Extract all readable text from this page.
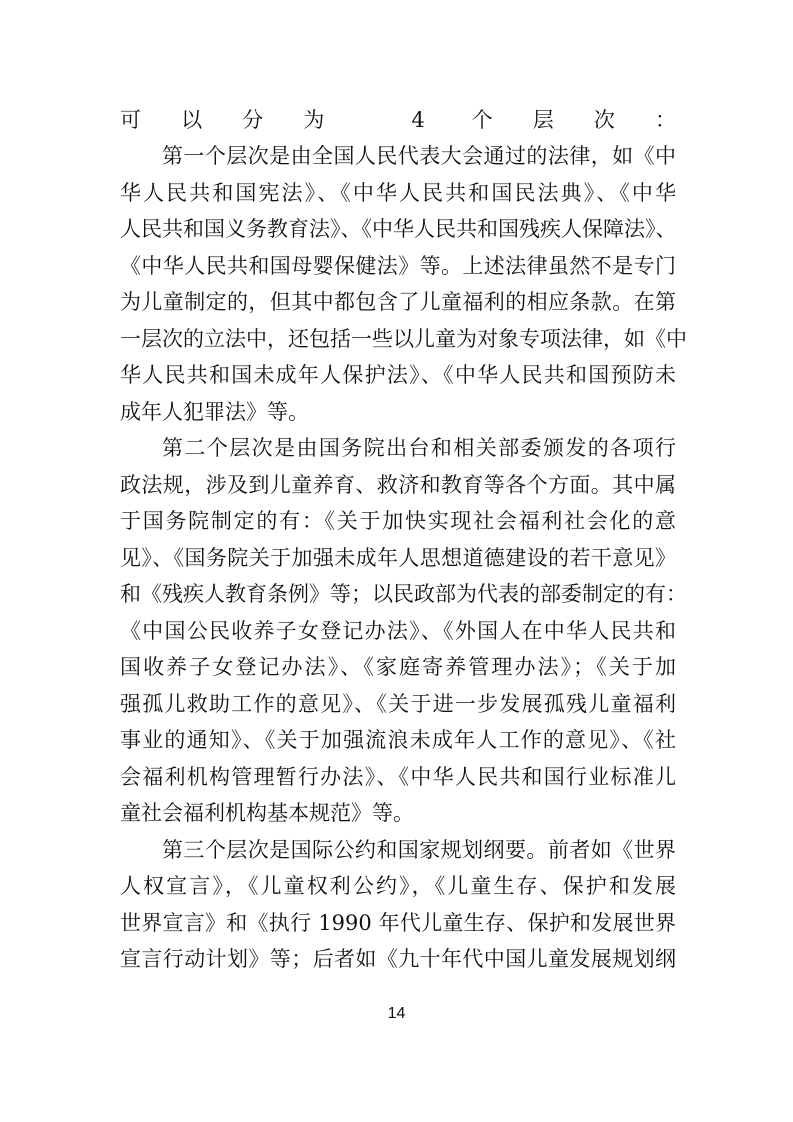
可以分为 4 个层次：
第一个层次是由全国人民代表大会通过的法律，如《中
华人民共和国宪法》、《中华人民共和国民法典》、《中华
人民共和国义务教育法》、《中华人民共和国残疾人保障法》、
《中华人民共和国母婴保健法》等。上述法律虽然不是专门
为儿童制定的，但其中都包含了儿童福利的相应条款。在第
一层次的立法中，还包括一些以儿童为对象专项法律，如《中
华人民共和国未成年人保护法》、《中华人民共和国预防未
成年人犯罪法》等。
第二个层次是由国务院出台和相关部委颁发的各项行
政法规，涉及到儿童养育、救济和教育等各个方面。其中属
于国务院制定的有：《关于加快实现社会福利社会化的意
见》、《国务院关于加强未成年人思想道德建设的若干意见》
和《残疾人教育条例》等；以民政部为代表的部委制定的有：
《中国公民收养子女登记办法》、《外国人在中华人民共和
国收养子女登记办法》、《家庭寄养管理办法》；《关于加
强孤儿救助工作的意见》、《关于进一步发展孤残儿童福利
事业的通知》、《关于加强流浪未成年人工作的意见》、《社
会福利机构管理暂行办法》、《中华人民共和国行业标准儿
童社会福利机构基本规范》等。
第三个层次是国际公约和国家规划纲要。前者如《世界
人权宣言》，《儿童权利公约》，《儿童生存、保护和发展
世界宣言》和《执行 1990 年代儿童生存、保护和发展世界
宣言行动计划》等；后者如《九十年代中国儿童发展规划纲
14
